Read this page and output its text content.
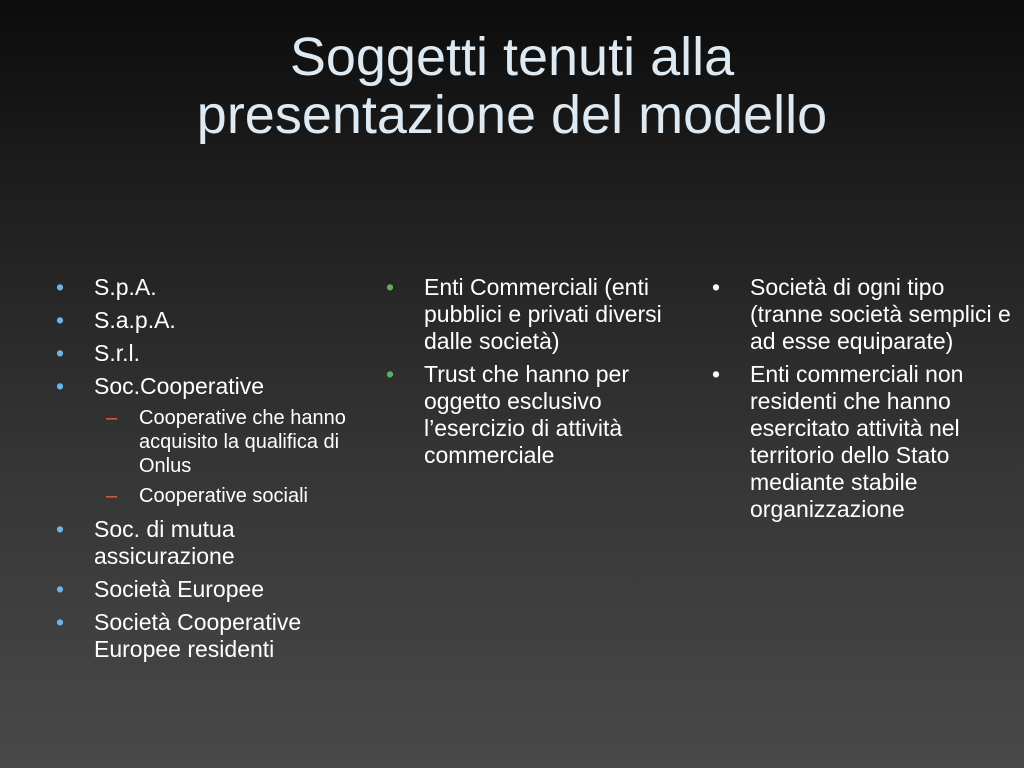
Soggetti tenuti alla
presentazione del modello
•	S.p.A.
•	S.a.p.A.
•	S.r.l.
•	Soc.Cooperative
– Cooperative che hanno acquisito la qualifica di Onlus
– Cooperative sociali
•	Soc. di mutua assicurazione
•	Società Europee
•	Società Cooperative Europee residenti
•	Enti Commerciali (enti pubblici e privati diversi dalle società)
•	Trust che hanno per oggetto esclusivo l’esercizio di attività commerciale
•	Società di ogni tipo (tranne società semplici e ad esse equiparate)
•	Enti commerciali non residenti che hanno esercitato attività nel territorio dello Stato mediante stabile organizzazione
